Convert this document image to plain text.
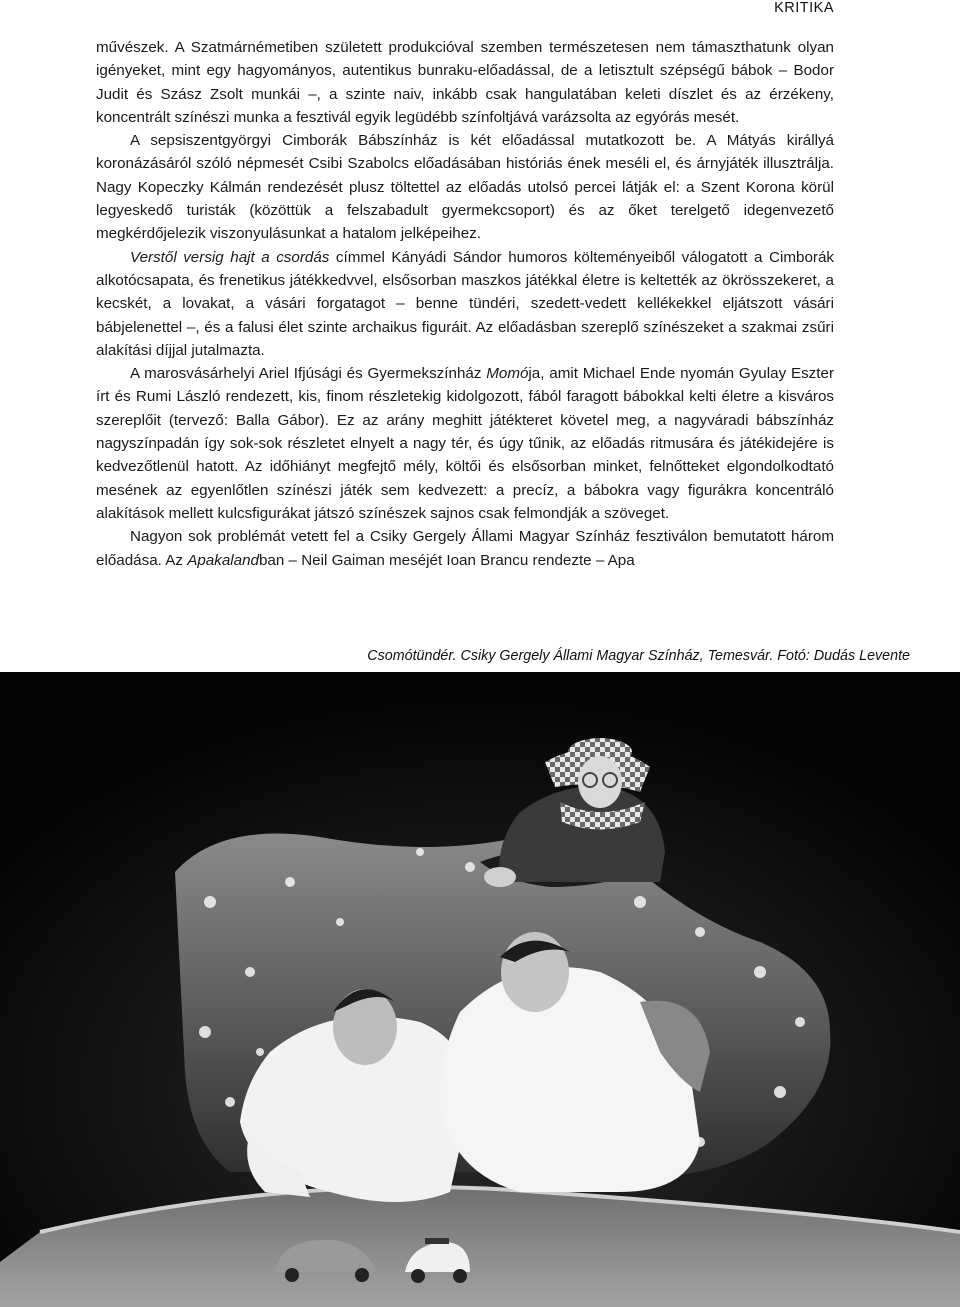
KRITIKA

művészek. A Szatmárnémetiben született produkcióval szemben természetesen nem támaszthatunk olyan igényeket, mint egy hagyományos, autentikus bunraku-előadással, de a letisztult szépségű bábok – Bodor Judit és Szász Zsolt munkái –, a szinte naiv, inkább csak hangulatában keleti díszlet és az érzékeny, koncentrált színészi munka a fesztivál egyik legüdébb színfoltjává varázsolta az egyórás mesét.

A sepsiszentgyörgyi Cimborák Bábszínház is két előadással mutatkozott be. A Mátyás királlyá koronázásáról szóló népmesét Csibi Szabolcs előadásában históriás ének meséli el, és árnyjáték illusztrálja. Nagy Kopeczky Kálmán rendezését plusz töltettel az előadás utolsó percei látják el: a Szent Korona körül legyeskedő turisták (közöttük a felszabadult gyermekcsoport) és az őket terelgető idegenvezető megkérdőjelezik viszonyulásunkat a hatalom jelképeihez.

Verstől versig hajt a csordás címmel Kányádi Sándor humoros költeményeiből válogatott a Cimborák alkotócsapata, és frenetikus játékkedvvel, elsősorban maszkos játékkal életre is keltették az ökrösszekeret, a kecskét, a lovakat, a vásári forgatagot – benne tündéri, szedett-vedett kellékekkel eljátszott vásári bábjelenettel –, és a falusi élet szinte archaikus figuráit. Az előadásban szereplő színészeket a szakmai zsűri alakítási díjjal jutalmazta.

A marosvásárhelyi Ariel Ifjúsági és Gyermekszínház Momója, amit Michael Ende nyomán Gyulay Eszter írt és Rumi László rendezett, kis, finom részletekig kidolgozott, fából faragott bábokkal kelti életre a kisváros szereplőit (tervező: Balla Gábor). Ez az arány meghitt játékteret követel meg, a nagyváradi bábszínház nagyszínpadán így sok-sok részletet elnyelt a nagy tér, és úgy tűnik, az előadás ritmusára és játékidejére is kedvezőtlenül hatott. Az időhiányt megfejtő mély, költői és elsősorban minket, felnőtteket elgondolkodtató mesének az egyenlőtlen színészi játék sem kedvezett: a precíz, a bábokra vagy figurákra koncentráló alakítások mellett kulcsfigurákat játszó színészek sajnos csak felmondják a szöveget.

Nagyon sok problémát vetett fel a Csiky Gergely Állami Magyar Színház fesztiválon bemutatott három előadása. Az Apakalandban – Neil Gaiman meséjét Ioan Brancu rendezte – Apa

Csomótündér. Csiky Gergely Állami Magyar Színház, Temesvár. Fotó: Dudás Levente
